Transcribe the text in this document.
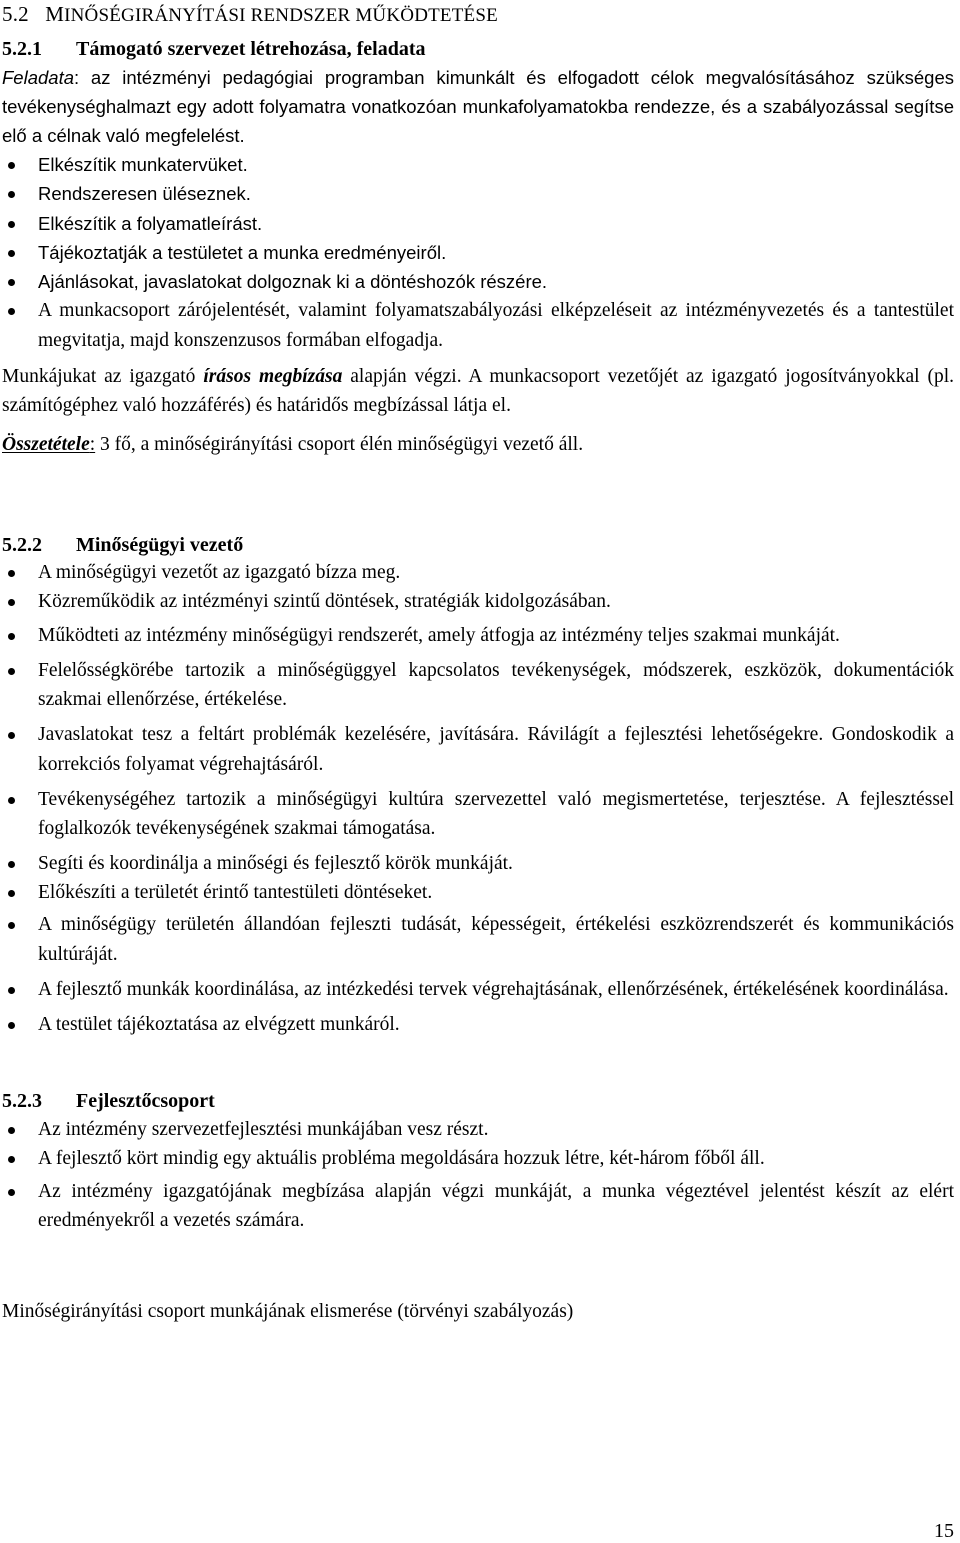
5.2 MINŐSÉGIRÁNYÍTÁSI RENDSZER MŰKÖDTETÉSE
5.2.1	Támogató szervezet létrehozása, feladata

Feladata: az intézményi pedagógiai programban kimunkált és elfogadott célok megvalósításához szükséges tevékenységhalmazt egy adott folyamatra vonatkozóan munkafolyamatokba rendezze, és a szabályozással segítse elő a célnak való megfelelést.

Elkészítik munkatervüket.
Rendszeresen üléseznek.
Elkészítik a folyamatleírást.
Tájékoztatják a testületet a munka eredményeiről.
Ajánlásokat, javaslatokat dolgoznak ki a döntéshozók részére.
A munkacsoport zárójelentését, valamint folyamatszabályozási elképzeléseit az intézményvezetés és a tantestület megvitatja, majd konszenzusos formában elfogadja.

Munkájukat az igazgató írásos megbízása alapján végzi. A munkacsoport vezetőjét az igazgató jogosítványokkal (pl. számítógéphez való hozzáférés) és határidős megbízással látja el.

Összetétele: 3 fő, a minőségirányítási csoport élén minőségügyi vezető áll.

5.2.2	Minőségügyi vezető
A minőségügyi vezetőt az igazgató bízza meg.
Közreműködik az intézményi szintű döntések, stratégiák kidolgozásában.
Működteti az intézmény minőségügyi rendszerét, amely átfogja az intézmény teljes szakmai munkáját.
Felelősségkörébe tartozik a minőségüggyel kapcsolatos tevékenységek, módszerek, eszközök, dokumentációk szakmai ellenőrzése, értékelése.
Javaslatokat tesz a feltárt problémák kezelésére, javítására. Rávilágít a fejlesztési lehetőségekre. Gondoskodik a korrekciós folyamat végrehajtásáról.
Tevékenységéhez tartozik a minőségügyi kultúra szervezettel való megismertetése, terjesztése. A fejlesztéssel foglalkozók tevékenységének szakmai támogatása.
Segíti és koordinálja a minőségi és fejlesztő körök munkáját.
Előkészíti a területét érintő tantestületi döntéseket.
A minőségügy területén állandóan fejleszti tudását, képességeit, értékelési eszközrendszerét és kommunikációs kultúráját.
A fejlesztő munkák koordinálása, az intézkedési tervek végrehajtásának, ellenőrzésének, értékelésének koordinálása.
A testület tájékoztatása az elvégzett munkáról.
5.2.3	Fejlesztőcsoport
Az intézmény szervezetfejlesztési munkájában vesz részt.
A fejlesztő kört mindig egy aktuális probléma megoldására hozzuk létre, két-három főből áll.
Az intézmény igazgatójának megbízása alapján végzi munkáját, a munka végeztével jelentést készít az elért eredményekről a vezetés számára.

Minőségirányítási csoport munkájának elismerése (törvényi szabályozás)

15
